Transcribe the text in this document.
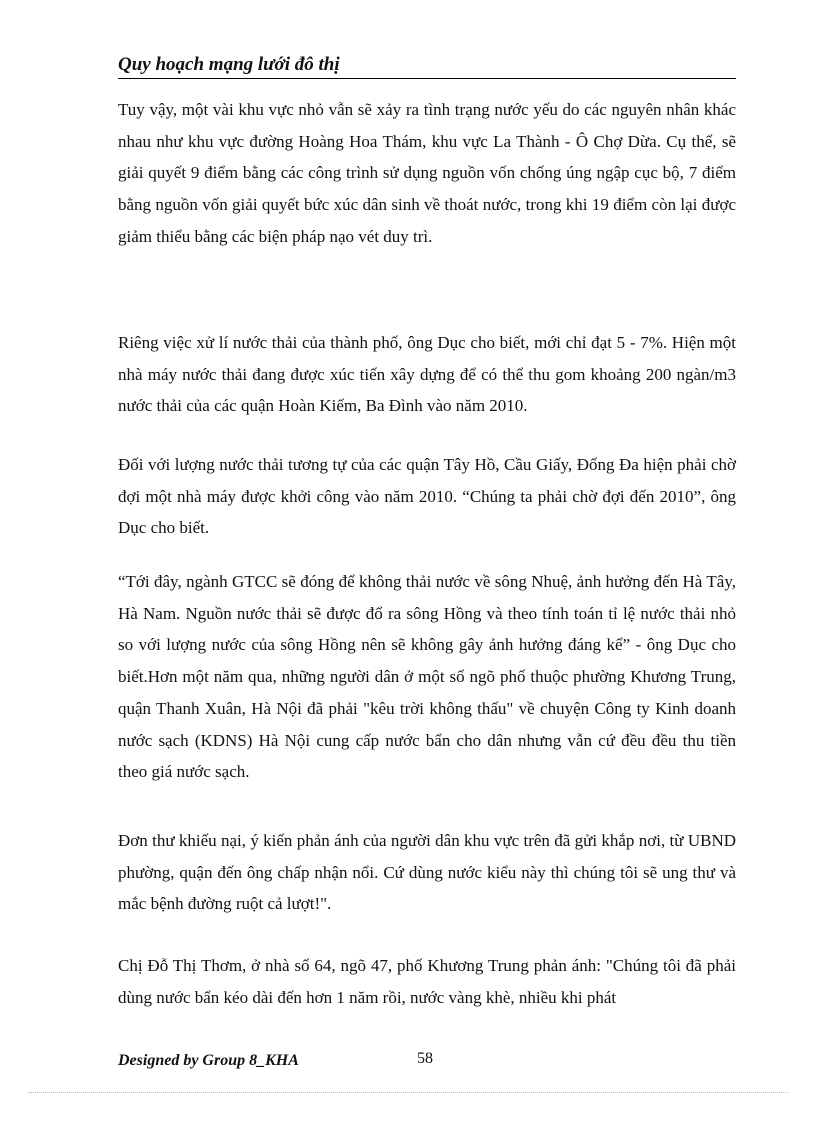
Quy hoạch mạng lưới đô thị

Tuy vậy, một vài khu vực nhỏ vẫn sẽ xảy ra tình trạng nước yếu do các nguyên nhân khác nhau như khu vực đường Hoàng Hoa Thám, khu vực La Thành - Ô Chợ Dừa. Cụ thể, sẽ giải quyết 9 điểm bằng các công trình sử dụng nguồn vốn chống úng ngập cục bộ, 7 điểm bằng nguồn vốn giải quyết bức xúc dân sinh về thoát nước, trong khi 19 điểm còn lại được giảm thiểu bằng các biện pháp nạo vét duy trì.

Riêng việc xử lí nước thải của thành phố, ông Dục cho biết, mới chỉ đạt 5 - 7%. Hiện một nhà máy nước thải đang được xúc tiến xây dựng để có thể thu gom khoảng 200 ngàn/m3 nước thải của các quận Hoàn Kiếm, Ba Đình vào năm 2010.

Đối với lượng nước thải tương tự của các quận Tây Hồ, Cầu Giấy, Đống Đa hiện phải chờ đợi một nhà máy được khởi công vào năm 2010. “Chúng ta phải chờ đợi đến 2010”, ông Dục cho biết.

“Tới đây, ngành GTCC sẽ đóng để không thải nước về sông Nhuệ, ảnh hưởng đến Hà Tây, Hà Nam. Nguồn nước thải sẽ được đổ ra sông Hồng và theo tính toán tỉ lệ nước thải nhỏ so với lượng nước của sông Hồng nên sẽ không gây ảnh hưởng đáng kể” - ông Dục cho biết.Hơn một năm qua, những người dân ở một số ngõ phố thuộc phường Khương Trung, quận Thanh Xuân, Hà Nội đã phải "kêu trời không thấu" về chuyện Công ty Kinh doanh nước sạch (KDNS) Hà Nội cung cấp nước bẩn cho dân nhưng vẫn cứ đều đều thu tiền theo giá nước sạch.

Đơn thư khiếu nại, ý kiến phản ánh của người dân khu vực trên đã gửi khắp nơi, từ UBND phường, quận đến ông chấp nhận nổi. Cứ dùng nước kiểu này thì chúng tôi sẽ ung thư và mắc bệnh đường ruột cả lượt!".

Chị Đỗ Thị Thơm, ở nhà số 64, ngõ 47, phố Khương Trung phản ánh: "Chúng tôi đã phải dùng nước bẩn kéo dài đến hơn 1 năm rồi, nước vàng khè, nhiều khi phát

Designed by Group 8_KHA	58
